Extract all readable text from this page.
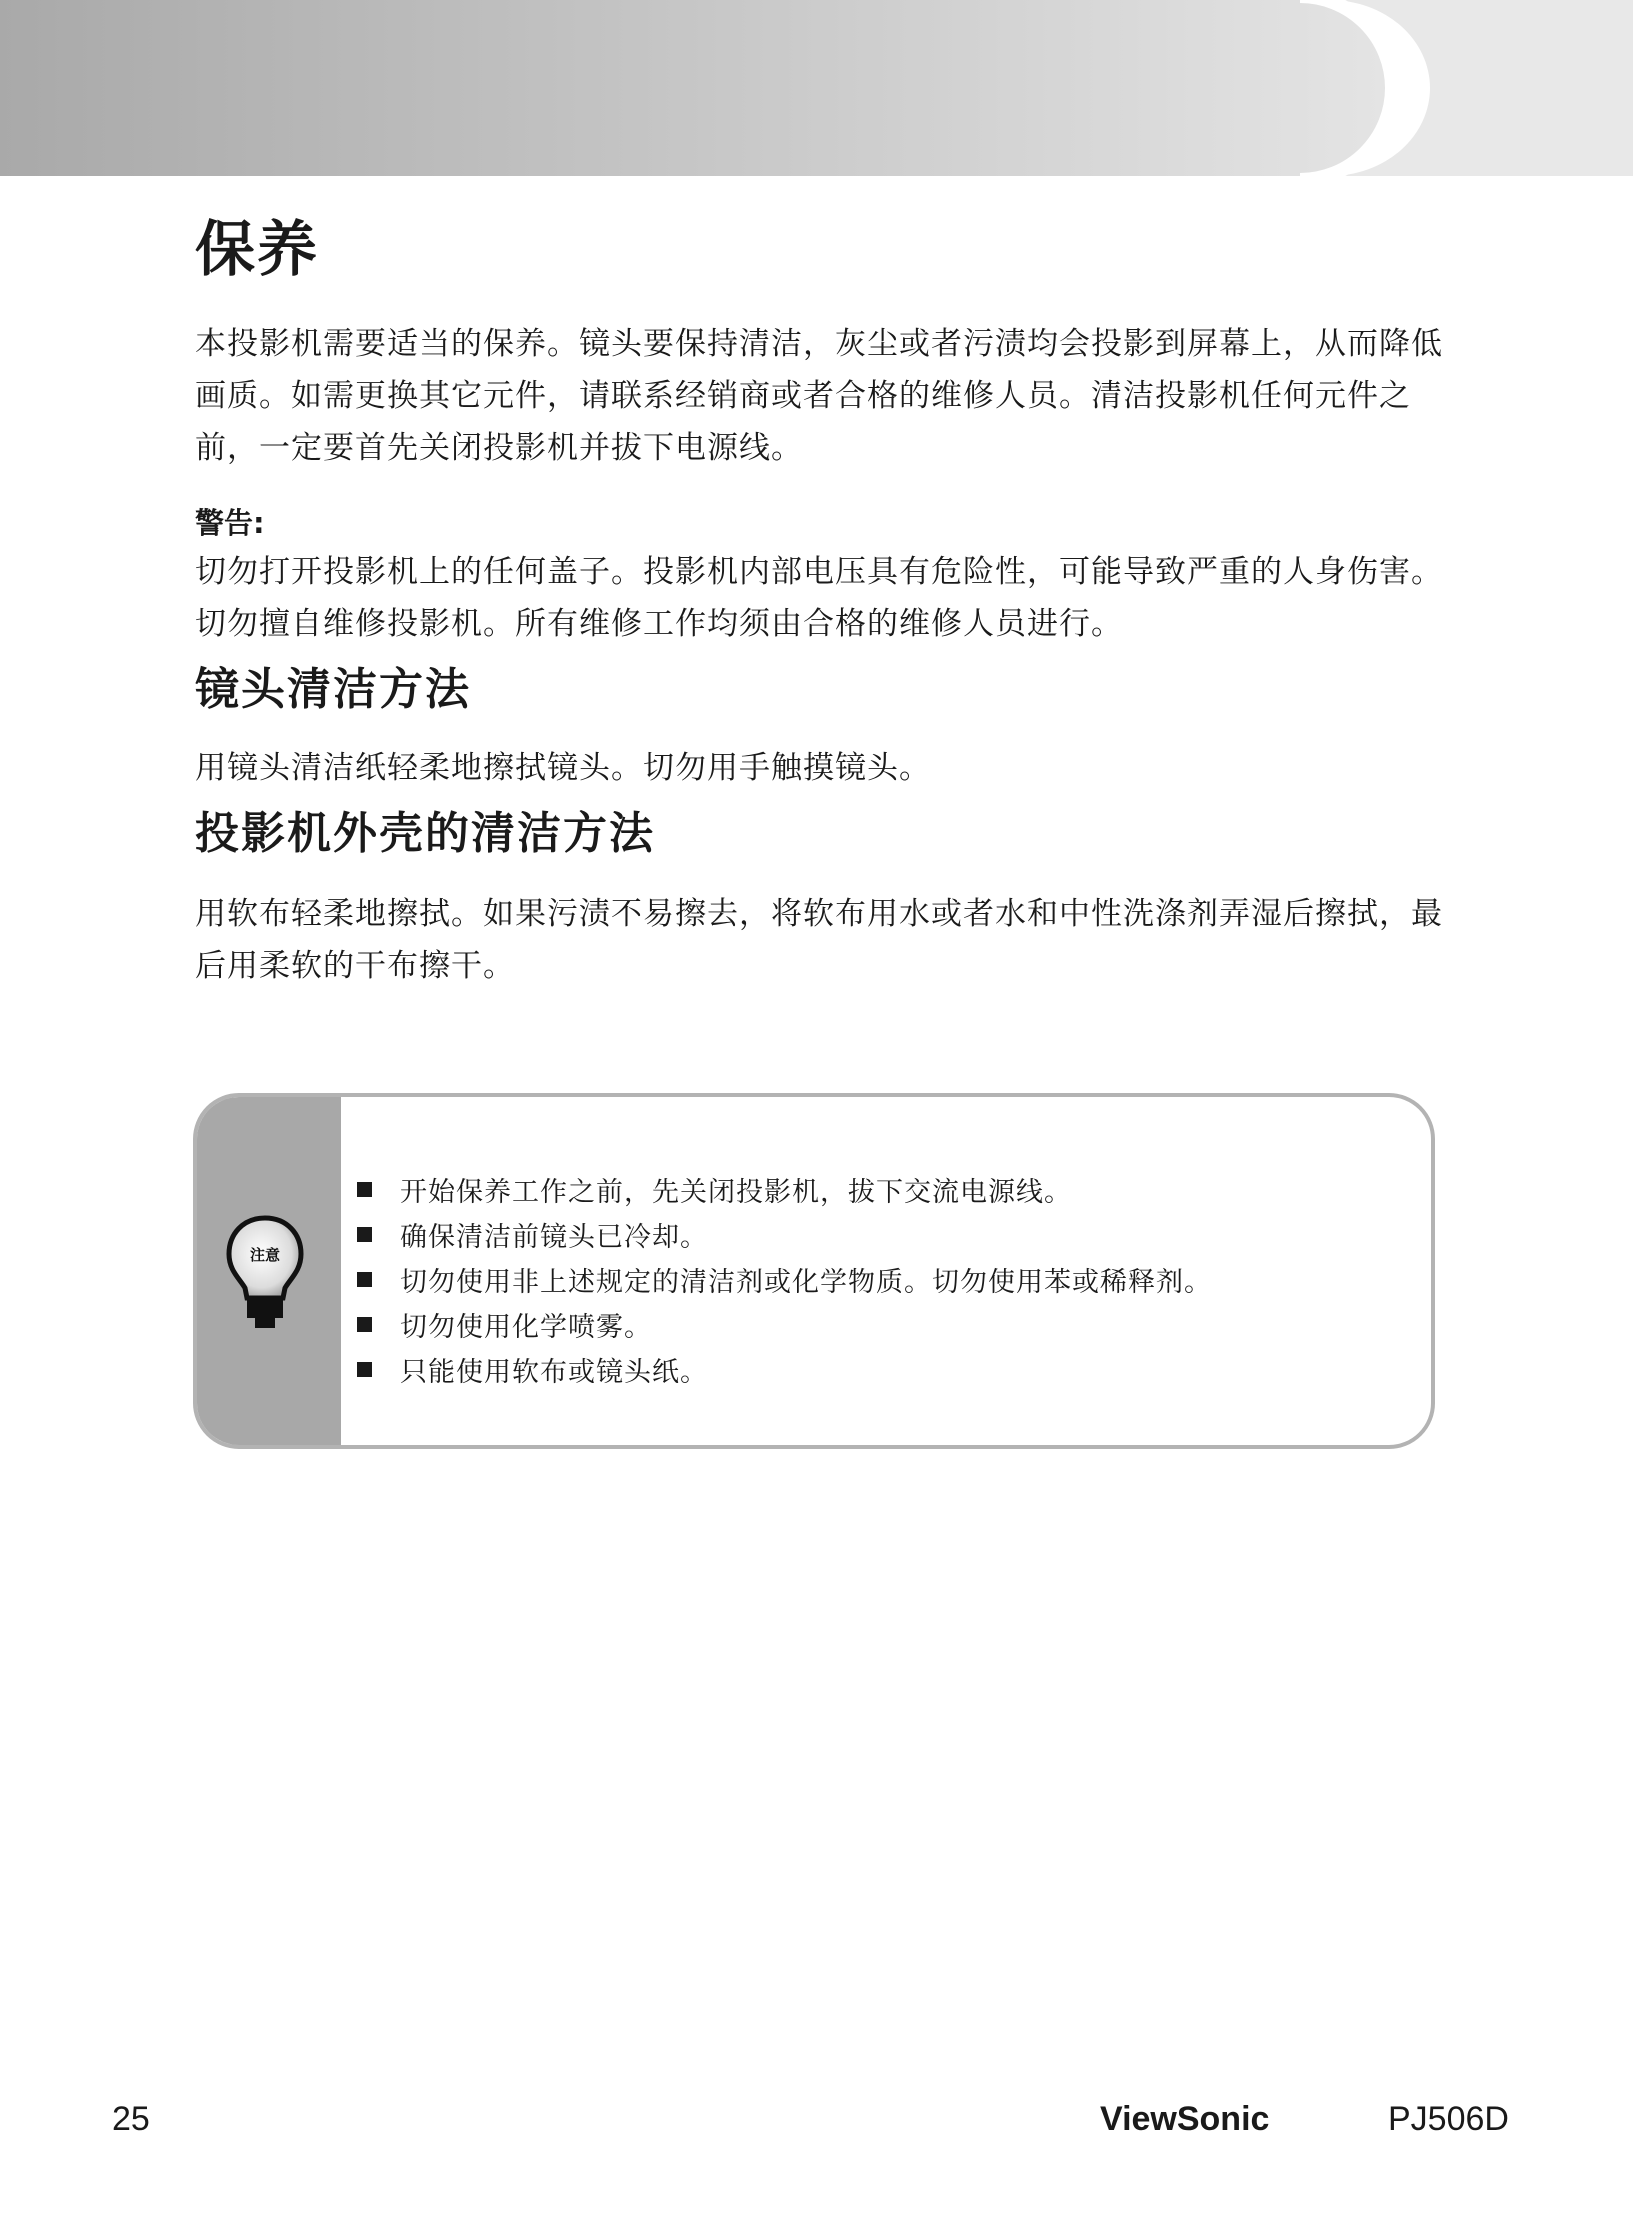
保养
本投影机需要适当的保养。镜头要保持清洁，灰尘或者污渍均会投影到屏幕上，从而降低画质。如需更换其它元件，请联系经销商或者合格的维修人员。清洁投影机任何元件之前，一定要首先关闭投影机并拔下电源线。
警告:
切勿打开投影机上的任何盖子。投影机内部电压具有危险性，可能导致严重的人身伤害。切勿擅自维修投影机。所有维修工作均须由合格的维修人员进行。
镜头清洁方法
用镜头清洁纸轻柔地擦拭镜头。切勿用手触摸镜头。
投影机外壳的清洁方法
用软布轻柔地擦拭。如果污渍不易擦去，将软布用水或者水和中性洗涤剂弄湿后擦拭，最后用柔软的干布擦干。
注意
开始保养工作之前，先关闭投影机，拔下交流电源线。
确保清洁前镜头已冷却。
切勿使用非上述规定的清洁剂或化学物质。切勿使用苯或稀释剂。
切勿使用化学喷雾。
只能使用软布或镜头纸。
25	ViewSonic	PJ506D
